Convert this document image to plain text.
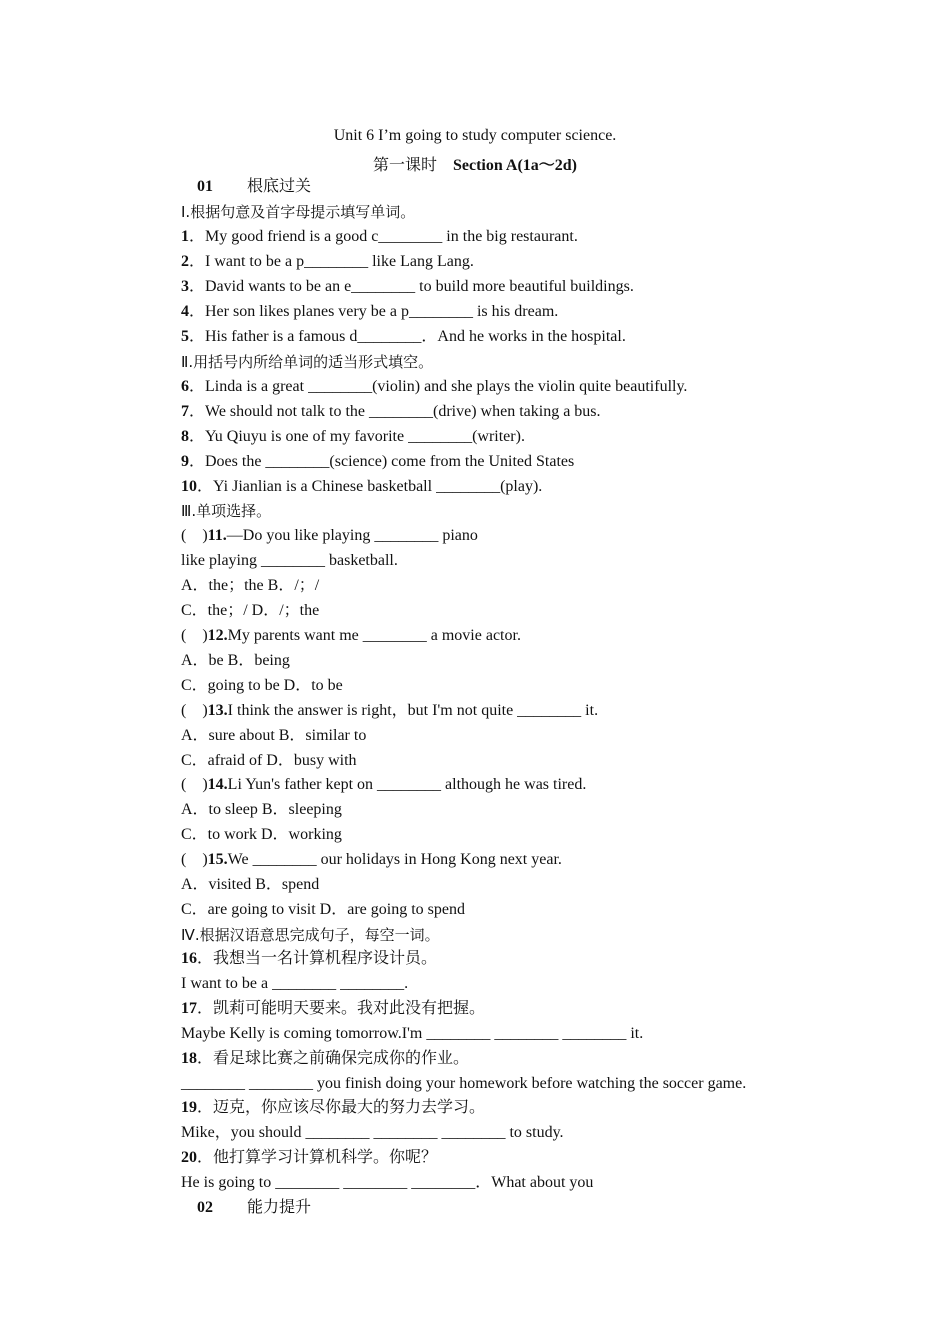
Unit 6 I’m going to study computer science.
第一课时 Section A(1a～2d)
01 根底过关
Ⅰ.根据句意及首字母提示填写单词。
1．My good friend is a good c________ in the big restaurant.
2．I want to be a p________ like Lang Lang.
3．David wants to be an e________ to build more beautiful buildings.
4．Her son likes planes very be a p________ is his dream.
5．His father is a famous d________．And he works in the hospital.
Ⅱ.用括号内所给单词的适当形式填空。
6．Linda is a great ________(violin) and she plays the violin quite beautifully.
7．We should not talk to the ________(drive) when taking a bus.
8．Yu Qiuyu is one of my favorite ________(writer).
9．Does the ________(science) come from the United States
10．Yi Jianlian is a Chinese basketball ________(play).
Ⅲ.单项选择。
(　)11.—Do you like playing ________ piano
like playing ________ basketball.
A．the；the B．/；/
C．the；/ D．/；the
(　)12.My parents want me ________ a movie actor.
A．be B．being
C．going to be D．to be
(　)13.I think the answer is right，but I'm not quite ________ it.
A．sure about B．similar to
C．afraid of D．busy with
(　)14.Li Yun's father kept on ________ although he was tired.
A．to sleep B．sleeping
C．to work D．working
(　)15.We ________ our holidays in Hong Kong next year.
A．visited B．spend
C．are going to visit D．are going to spend
Ⅳ.根据汉语意思完成句子，每空一词。
16．我想当一名计算机程序设计员。
I want to be a ________ ________.
17．凯莉可能明天要来。我对此没有把握。
Maybe Kelly is coming tomorrow.I'm ________ ________ ________ it.
18．看足球比赛之前确保完成你的作业。
________ ________ you finish doing your homework before watching the soccer game.
19．迈克，你应该尽你最大的努力去学习。
Mike，you should ________ ________ ________ to study.
20．他打算学习计算机科学。你呢？
He is going to ________ ________ ________．What about you
02 能力提升
